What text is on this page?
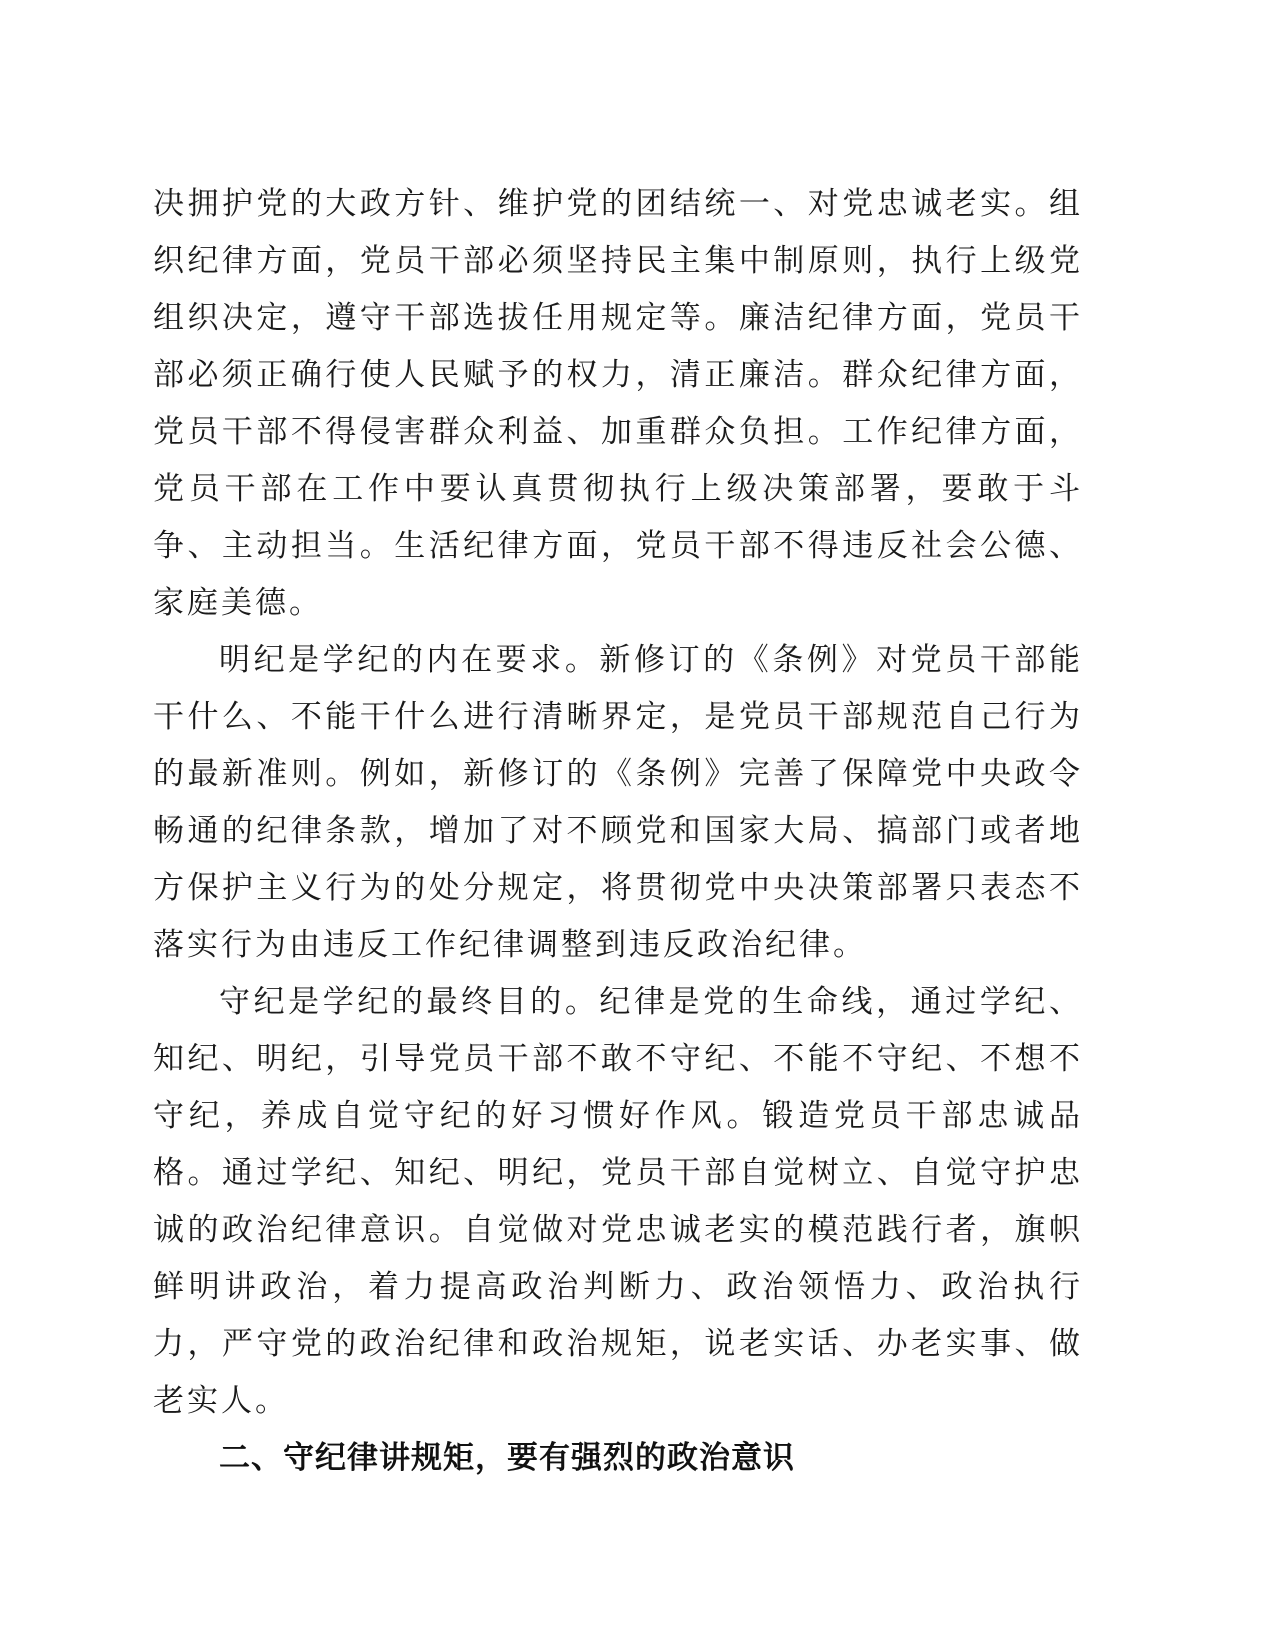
决拥护党的大政方针、维护党的团结统一、对党忠诚老实。组织纪律方面，党员干部必须坚持民主集中制原则，执行上级党组织决定，遵守干部选拔任用规定等。廉洁纪律方面，党员干部必须正确行使人民赋予的权力，清正廉洁。群众纪律方面，党员干部不得侵害群众利益、加重群众负担。工作纪律方面，党员干部在工作中要认真贯彻执行上级决策部署，要敢于斗争、主动担当。生活纪律方面，党员干部不得违反社会公德、家庭美德。

明纪是学纪的内在要求。新修订的《条例》对党员干部能干什么、不能干什么进行清晰界定，是党员干部规范自己行为的最新准则。例如，新修订的《条例》完善了保障党中央政令畅通的纪律条款，增加了对不顾党和国家大局、搞部门或者地方保护主义行为的处分规定，将贯彻党中央决策部署只表态不落实行为由违反工作纪律调整到违反政治纪律。

守纪是学纪的最终目的。纪律是党的生命线，通过学纪、知纪、明纪，引导党员干部不敢不守纪、不能不守纪、不想不守纪，养成自觉守纪的好习惯好作风。锻造党员干部忠诚品格。通过学纪、知纪、明纪，党员干部自觉树立、自觉守护忠诚的政治纪律意识。自觉做对党忠诚老实的模范践行者，旗帜鲜明讲政治，着力提高政治判断力、政治领悟力、政治执行力，严守党的政治纪律和政治规矩，说老实话、办老实事、做老实人。

二、守纪律讲规矩，要有强烈的政治意识
